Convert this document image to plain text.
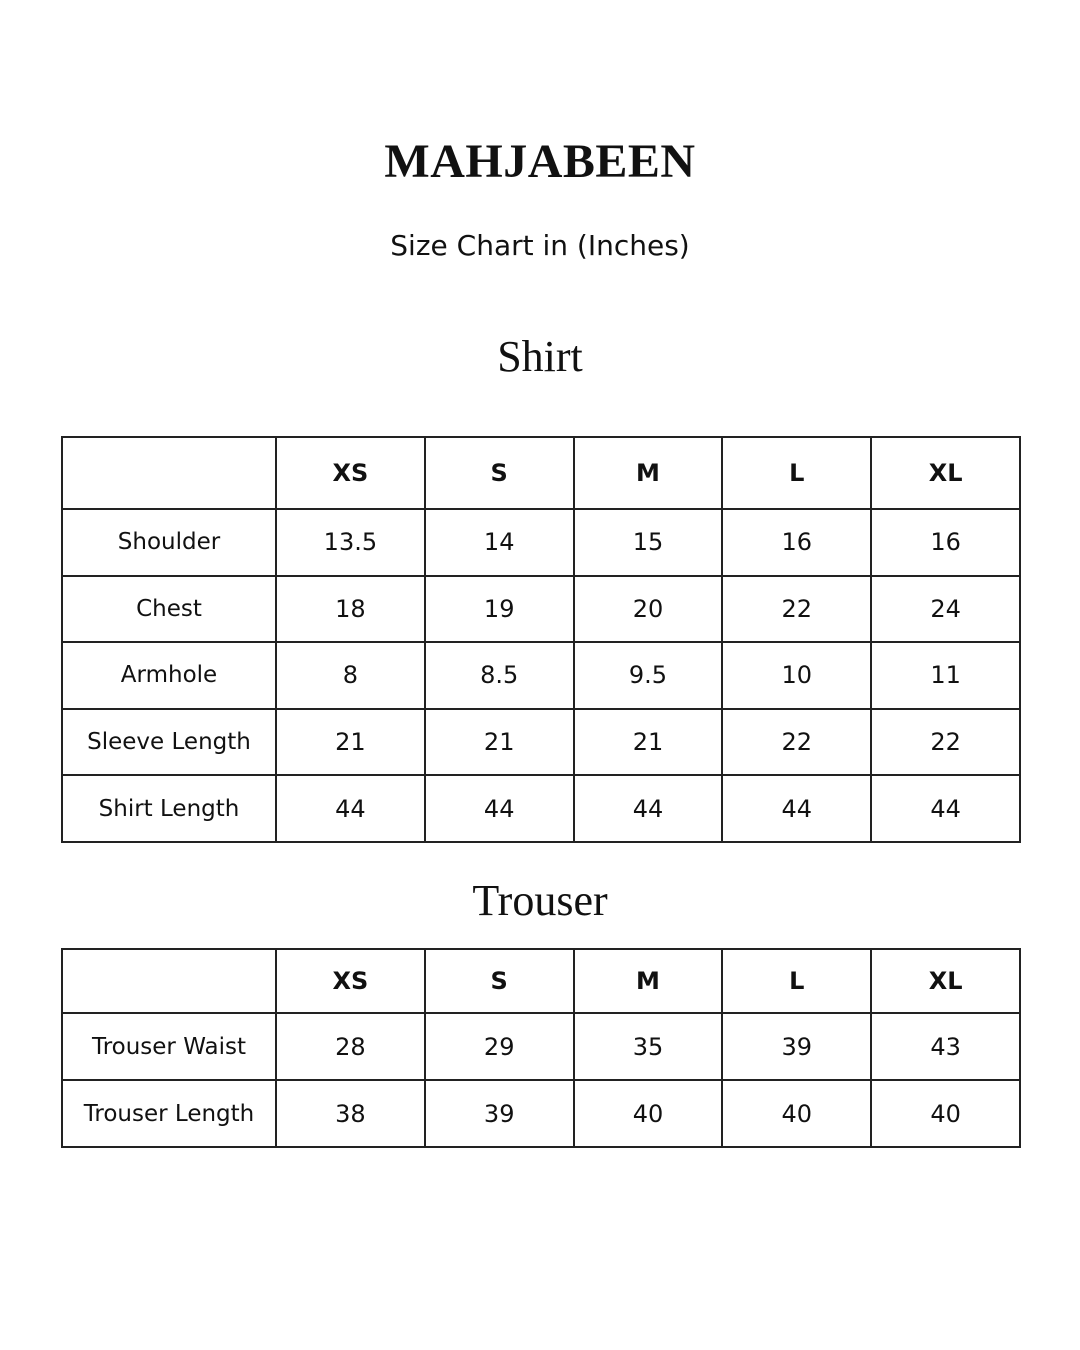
MAHJABEEN
Size Chart in (Inches)
Shirt
	XS	S	M	L	XL
Shoulder	13.5	14	15	16	16
Chest	18	19	20	22	24
Armhole	8	8.5	9.5	10	11
Sleeve Length	21	21	21	22	22
Shirt Length	44	44	44	44	44
Trouser
	XS	S	M	L	XL
Trouser Waist	28	29	35	39	43
Trouser Length	38	39	40	40	40
